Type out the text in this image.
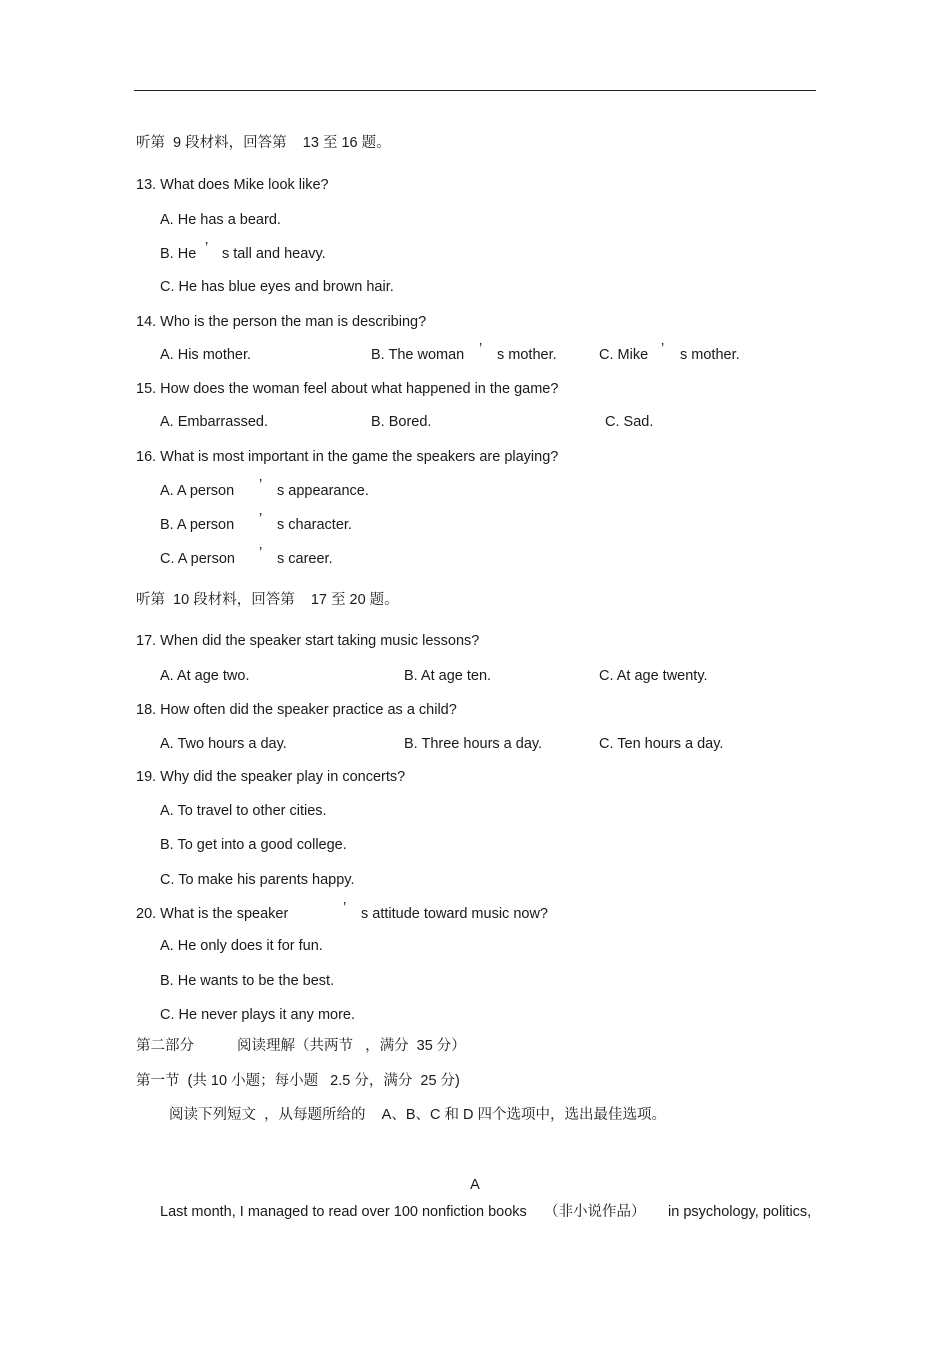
听第  9 段材料，回答第    13 至 16 题。
13. What does Mike look like?
A. He has a beard.
B. He ’ s tall and heavy.
C. He has blue eyes and brown hair.
14. Who is the person the man is describing?
A. His mother.	B. The woman ’ s mother.	C. Mike ’ s mother.
15. How does the woman feel about what happened in the game?
A. Embarrassed.	B. Bored.	C. Sad.
16. What is most important in the game the speakers are playing?
A. A person ’ s appearance.
B. A person ’ s character.
C. A person ’ s career.
听第  10 段材料，回答第    17 至 20 题。
17. When did the speaker start taking music lessons?
A. At age two.	B. At age ten.	C. At age twenty.
18. How often did the speaker practice as a child?
A. Two hours a day.	B. Three hours a day.	C. Ten hours a day.
19. Why did the speaker play in concerts?
A. To travel to other cities.
B. To get into a good college.
C. To make his parents happy.
20. What is the speaker	’ s attitude toward music now?
A. He only does it for fun.
B. He wants to be the best.
C. He never plays it any more.
第二部分	阅读理解（共两节   ，满分  35 分）
第一节  (共 10 小题；每小题   2.5 分，满分  25 分)
阅读下列短文  ，从每题所给的    A、B、C 和 D 四个选项中，选出最佳选项。
A
Last month, I managed to read over 100 nonfiction books （非小说作品） in psychology, politics,
